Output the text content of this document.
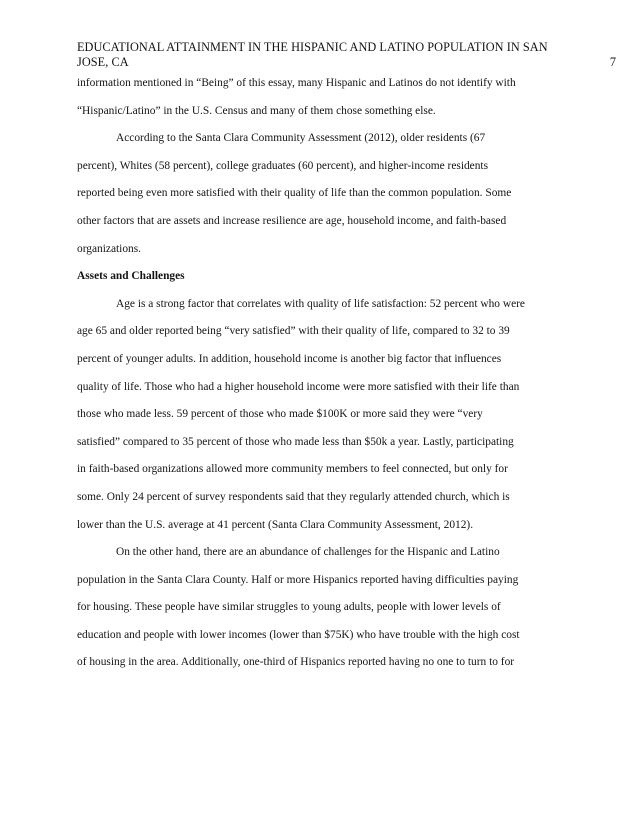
EDUCATIONAL ATTAINMENT IN THE HISPANIC AND LATINO POPULATION IN SAN
JOSE, CA	7
information mentioned in “Being” of this essay, many Hispanic and Latinos do not identify with
“Hispanic/Latino” in the U.S. Census and many of them chose something else.
According to the Santa Clara Community Assessment (2012), older residents (67
percent), Whites (58 percent), college graduates (60 percent), and higher-income residents
reported being even more satisfied with their quality of life than the common population. Some
other factors that are assets and increase resilience are age, household income, and faith-based
organizations.
Assets and Challenges
Age is a strong factor that correlates with quality of life satisfaction: 52 percent who were
age 65 and older reported being “very satisfied” with their quality of life, compared to 32 to 39
percent of younger adults. In addition, household income is another big factor that influences
quality of life. Those who had a higher household income were more satisfied with their life than
those who made less. 59 percent of those who made $100K or more said they were “very
satisfied” compared to 35 percent of those who made less than $50k a year. Lastly, participating
in faith-based organizations allowed more community members to feel connected, but only for
some. Only 24 percent of survey respondents said that they regularly attended church, which is
lower than the U.S. average at 41 percent (Santa Clara Community Assessment, 2012).
On the other hand, there are an abundance of challenges for the Hispanic and Latino
population in the Santa Clara County. Half or more Hispanics reported having difficulties paying
for housing. These people have similar struggles to young adults, people with lower levels of
education and people with lower incomes (lower than $75K) who have trouble with the high cost
of housing in the area. Additionally, one-third of Hispanics reported having no one to turn to for
